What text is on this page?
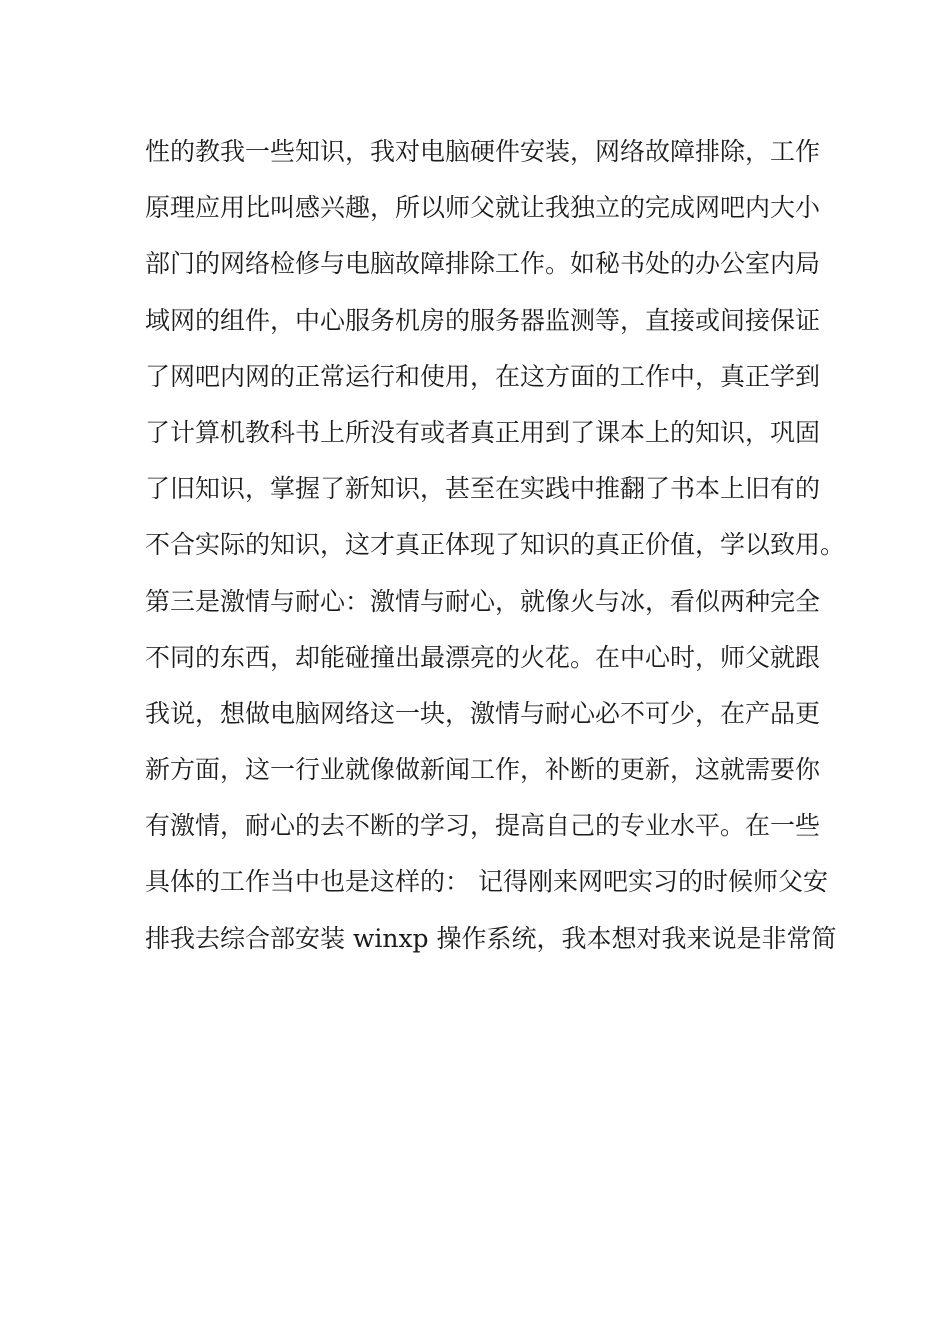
性的教我一些知识，我对电脑硬件安装，网络故障排除，工作
原理应用比叫感兴趣，所以师父就让我独立的完成网吧内大小
部门的网络检修与电脑故障排除工作。如秘书处的办公室内局
域网的组件，中心服务机房的服务器监测等，直接或间接保证
了网吧内网的正常运行和使用，在这方面的工作中，真正学到
了计算机教科书上所没有或者真正用到了课本上的知识，巩固
了旧知识，掌握了新知识，甚至在实践中推翻了书本上旧有的
不合实际的知识，这才真正体现了知识的真正价值，学以致用。
第三是激情与耐心：激情与耐心，就像火与冰，看似两种完全
不同的东西，却能碰撞出最漂亮的火花。在中心时，师父就跟
我说，想做电脑网络这一块，激情与耐心必不可少，在产品更
新方面，这一行业就像做新闻工作，补断的更新，这就需要你
有激情，耐心的去不断的学习，提高自己的专业水平。在一些
具体的工作当中也是这样的： 记得刚来网吧实习的时候师父安
排我去综合部安装 winxp 操作系统，我本想对我来说是非常简
